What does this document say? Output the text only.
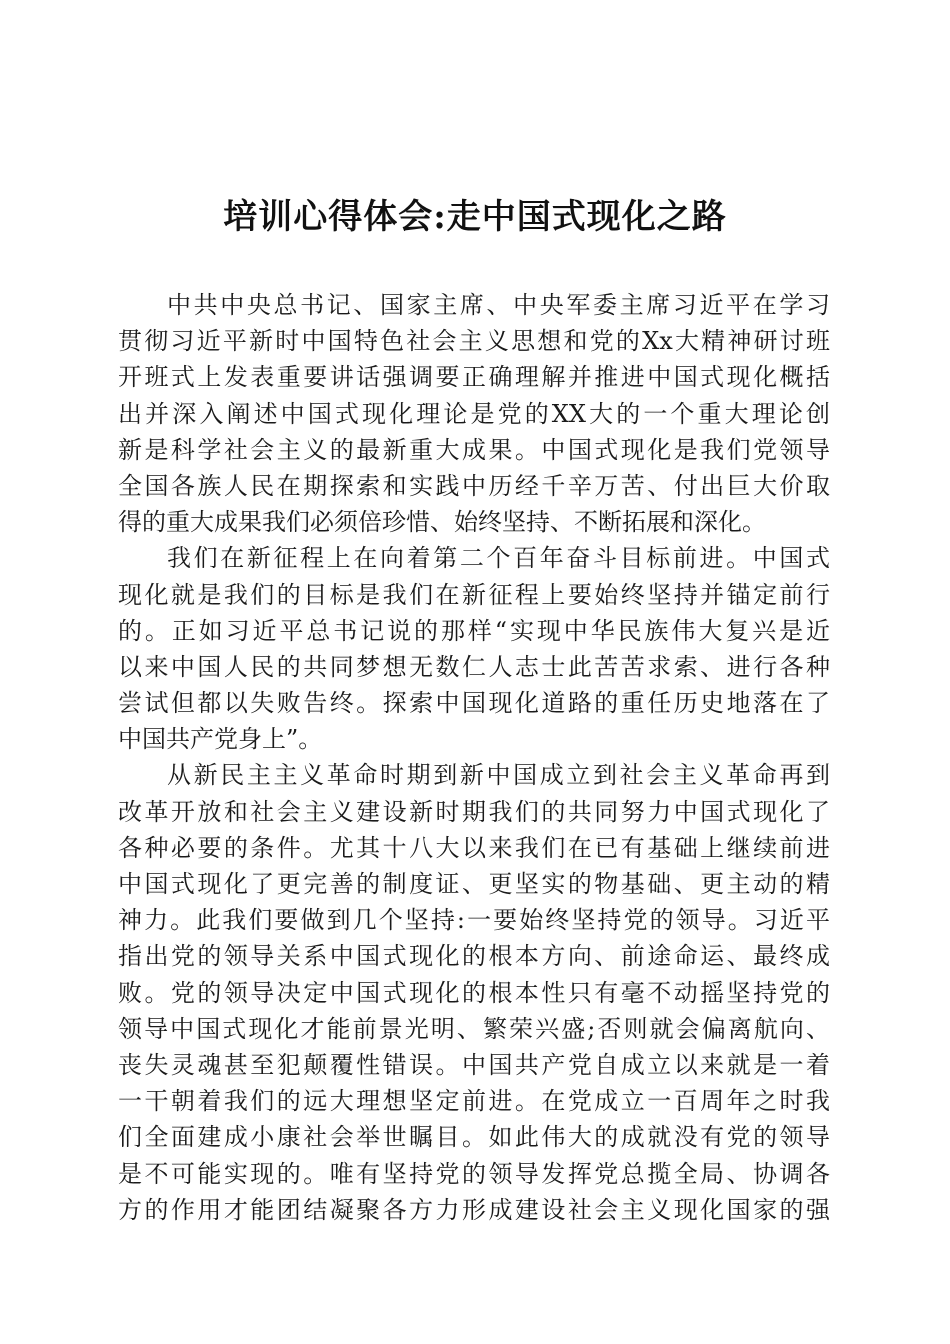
培训心得体会:走中国式现化之路
中共中央总书记、国家主席、中央军委主席习近平在学习
贯彻习近平新时中国特色社会主义思想和党的Xx大精神研讨班
开班式上发表重要讲话强调要正确理解并推进中国式现化概括
出并深入阐述中国式现化理论是党的XX大的一个重大理论创
新是科学社会主义的最新重大成果。中国式现化是我们党领导
全国各族人民在期探索和实践中历经千辛万苦、付出巨大价取
得的重大成果我们必须倍珍惜、始终坚持、不断拓展和深化。
我们在新征程上在向着第二个百年奋斗目标前进。中国式
现化就是我们的目标是我们在新征程上要始终坚持并锚定前行
的。正如习近平总书记说的那样“实现中华民族伟大复兴是近
以来中国人民的共同梦想无数仁人志士此苦苦求索、进行各种
尝试但都以失败告终。探索中国现化道路的重任历史地落在了
中国共产党身上”。
从新民主主义革命时期到新中国成立到社会主义革命再到
改革开放和社会主义建设新时期我们的共同努力中国式现化了
各种必要的条件。尤其十八大以来我们在已有基础上继续前进
中国式现化了更完善的制度证、更坚实的物基础、更主动的精
神力。此我们要做到几个坚持:一要始终坚持党的领导。习近平
指出党的领导关系中国式现化的根本方向、前途命运、最终成
败。党的领导决定中国式现化的根本性只有毫不动摇坚持党的
领导中国式现化才能前景光明、繁荣兴盛;否则就会偏离航向、
丧失灵魂甚至犯颠覆性错误。中国共产党自成立以来就是一着
一干朝着我们的远大理想坚定前进。在党成立一百周年之时我
们全面建成小康社会举世瞩目。如此伟大的成就没有党的领导
是不可能实现的。唯有坚持党的领导发挥党总揽全局、协调各
方的作用才能团结凝聚各方力形成建设社会主义现化国家的强
